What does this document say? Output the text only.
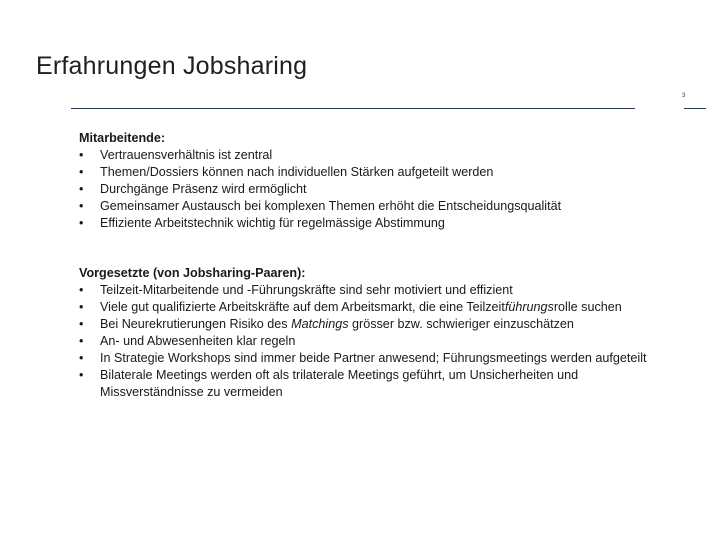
Erfahrungen Jobsharing
3
Mitarbeitende:
•	Vertrauensverhältnis ist zentral
•	Themen/Dossiers können nach individuellen Stärken aufgeteilt werden
•	Durchgänge Präsenz wird ermöglicht
•	Gemeinsamer Austausch bei komplexen Themen erhöht die Entscheidungsqualität
•	Effiziente Arbeitstechnik wichtig für regelmässige Abstimmung
Vorgesetzte (von Jobsharing-Paaren):
•	Teilzeit-Mitarbeitende und -Führungskräfte sind sehr motiviert und effizient
•	Viele gut qualifizierte Arbeitskräfte auf dem Arbeitsmarkt, die eine Teilzeitführungsrolle suchen
•	Bei Neurekrutierungen Risiko des Matchings grösser bzw. schwieriger einzuschätzen
•	An- und Abwesenheiten klar regeln
•	In Strategie Workshops sind immer beide Partner anwesend; Führungsmeetings werden aufgeteilt
•	Bilaterale Meetings werden oft als trilaterale Meetings geführt, um Unsicherheiten und Missverständnisse zu vermeiden
